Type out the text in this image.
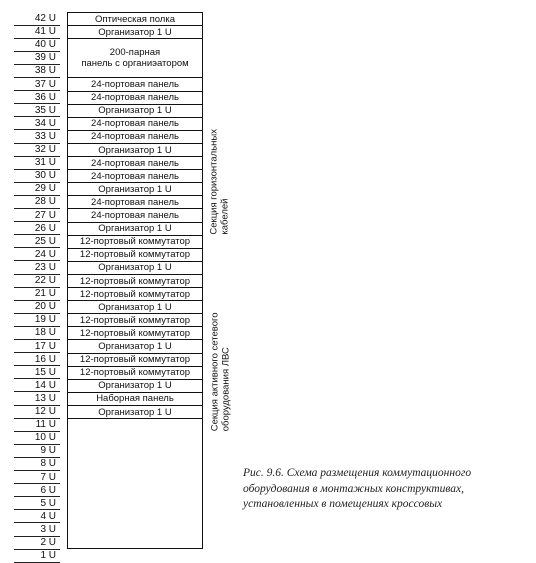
42 U
41 U
40 U
39 U
38 U
37 U
36 U
35 U
34 U
33 U
32 U
31 U
30 U
29 U
28 U
27 U
26 U
25 U
24 U
23 U
22 U
21 U
20 U
19 U
18 U
17 U
16 U
15 U
14 U
13 U
12 U
11 U
10 U
9 U
8 U
7 U
6 U
5 U
4 U
3 U
2 U
1 U
Оптическая полка
Организатор 1 U
200-парная
панель с органиэатором
24-портовая панель
24-портовая панель
Организатор 1 U
24-портовая панель
24-портовая панель
Организатор 1 U
24-портовая панель
24-портовая панель
Организатор 1 U
24-портовая панель
24-портовая панель
Организатор 1 U
12-портовый коммутатор
12-портовый коммутатор
Организатор 1 U
12-портовый коммутатор
12-портовый коммутатор
Организатор 1 U
12-портовый коммутатор
12-портовый коммутатор
Организатор 1 U
12-портовый коммутатор
12-портовый коммутатор
Организатор 1 U
Наборная панель
Организатор 1 U
Секция горизонтальных
кабелей
Секция активного сетевого
оборудования ЛВС
Рис. 9.6. Схема размещения коммутационного оборудования в монтажных конструктивах, установленных в помещениях кроссовых
